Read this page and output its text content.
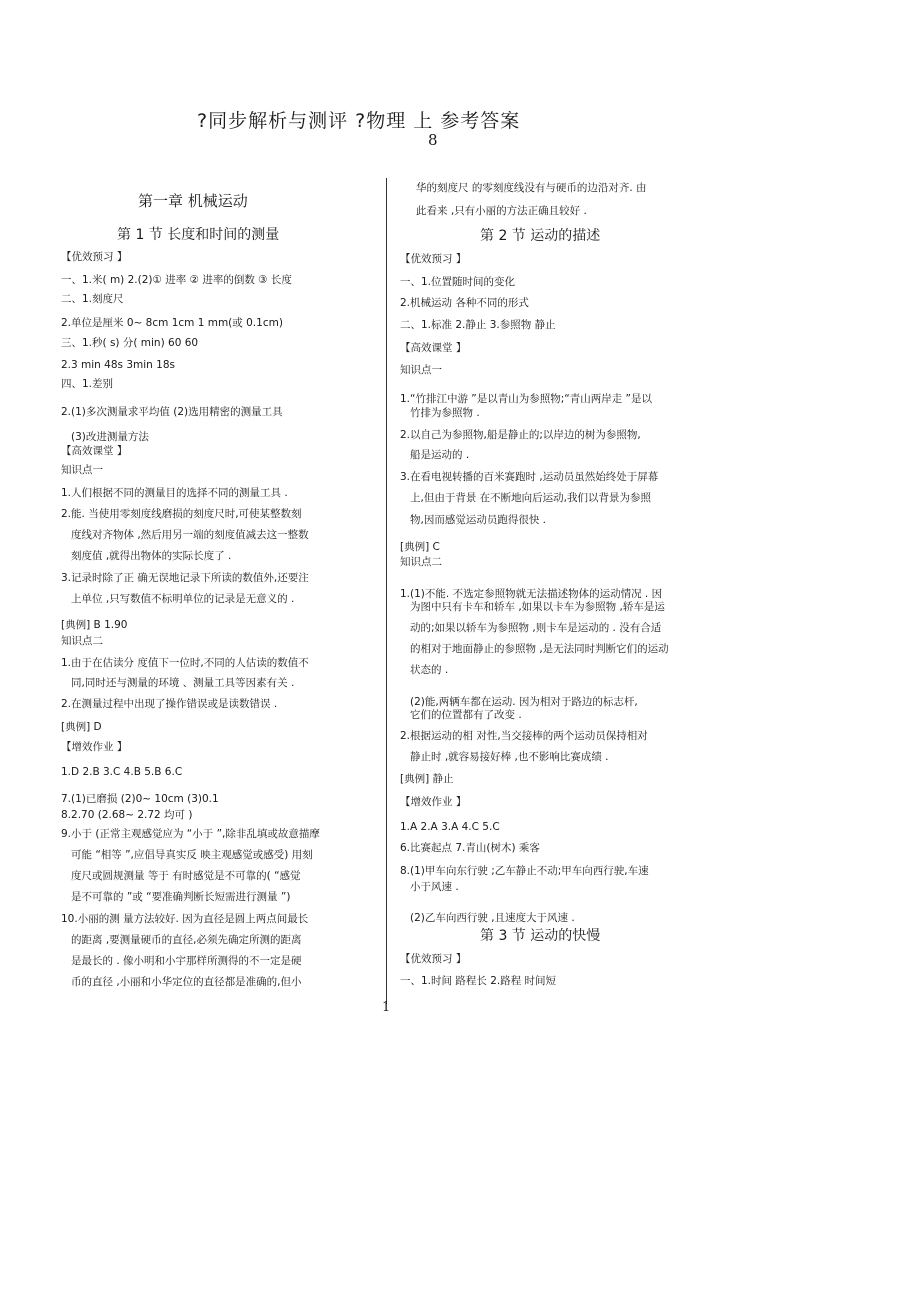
?同步解析与测评 ?物理 上 参考答案
8
第一章 机械运动
第 1 节 长度和时间的测量
【优效预习 】
一、1.米( m) 2.(2)① 进率 ② 进率的倒数 ③ 长度
二、1.刻度尺
2.单位是厘米 0~ 8cm 1cm 1 mm(或 0.1cm)
三、1.秒( s) 分( min) 60 60
2.3 min 48s 3min 18s
四、1.差别
2.(1)多次测量求平均值 (2)选用精密的测量工具
(3)改进测量方法
【高效课堂 】
知识点一
1.人们根据不同的测量目的选择不同的测量工具 .
2.能. 当使用零刻度线磨损的刻度尺时,可使某整数刻
度线对齐物体 ,然后用另一端的刻度值减去这一整数
刻度值 ,就得出物体的实际长度了 .
3.记录时除了正 确无误地记录下所读的数值外,还要注
上单位 ,只写数值不标明单位的记录是无意义的 .
[典例] B 1.90
知识点二
1.由于在估读分 度值下一位时,不同的人估读的数值不
同,同时还与测量的环境 、测量工具等因素有关 .
2.在测量过程中出现了操作错误或是读数错误 .
[典例] D
【增效作业 】
1.D 2.B 3.C 4.B 5.B 6.C
7.(1)已磨损 (2)0~ 10cm (3)0.1
8.2.70 (2.68~ 2.72 均可 )
9.小于 (正常主观感觉应为 “小于 ”,除非乱填或故意描摩
可能 “相等 ”,应倡导真实反 映主观感觉或感受) 用刻
度尺或圆规测量 等于 有时感觉是不可靠的( “感觉
是不可靠的 ”或 “要准确判断长短需进行测量 ”)
10.小丽的测 量方法较好. 因为直径是圆上两点间最长
的距离 ,要测量硬币的直径,必须先确定所测的距离
是最长的 . 像小明和小宇那样所测得的不一定是硬
币的直径 ,小丽和小华定位的直径都是准确的,但小
华的刻度尺 的零刻度线没有与硬币的边沿对齐. 由
此看来 ,只有小丽的方法正确且较好 .
第 2 节 运动的描述
【优效预习 】
一、1.位置随时间的变化
2.机械运动 各种不同的形式
二、1.标准 2.静止 3.参照物 静止
【高效课堂 】
知识点一
1.“竹排江中游 ”是以青山为参照物;“青山两岸走 ”是以
竹排为参照物 .
2.以自己为参照物,船是静止的;以岸边的树为参照物,
船是运动的 .
3.在看电视转播的百米赛跑时 ,运动员虽然始终处于屏幕
上,但由于背景 在不断地向后运动,我们以背景为参照
物,因而感觉运动员跑得很快 .
[典例] C
知识点二
1.(1)不能. 不选定参照物就无法描述物体的运动情况 . 因
为图中只有卡车和轿车 ,如果以卡车为参照物 ,轿车是运
动的;如果以轿车为参照物 ,则卡车是运动的 . 没有合适
的相对于地面静止的参照物 ,是无法同时判断它们的运动
状态的 .
(2)能,两辆车都在运动. 因为相对于路边的标志杆,
它们的位置都有了改变 .
2.根据运动的相 对性,当交接棒的两个运动员保持相对
静止时 ,就容易接好棒 ,也不影响比赛成绩 .
[典例] 静止
【增效作业 】
1.A 2.A 3.A 4.C 5.C
6.比赛起点 7.青山(树木) 乘客
8.(1)甲车向东行驶 ;乙车静止不动;甲车向西行驶,车速
小于风速 .
(2)乙车向西行驶 ,且速度大于风速 .
第 3 节 运动的快慢
【优效预习 】
一、1.时间 路程长 2.路程 时间短
1
